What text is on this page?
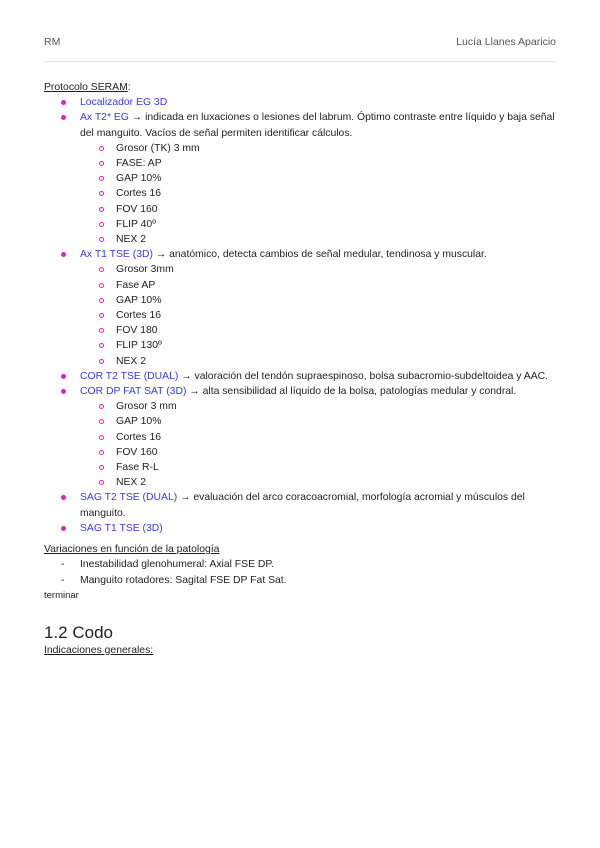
RM	Lucía Llanes Aparicio
Protocolo SERAM:
Localizador EG 3D
Ax T2* EG → indicada en luxaciones o lesiones del labrum. Óptimo contraste entre líquido y baja señal del manguito. Vacíos de señal permiten identificar cálculos.
Grosor (TK) 3 mm
FASE: AP
GAP 10%
Cortes 16
FOV 160
FLIP 40º
NEX 2
Ax T1 TSE (3D) → anatómico, detecta cambios de señal medular, tendinosa y muscular.
Grosor 3mm
Fase AP
GAP 10%
Cortes 16
FOV 180
FLIP 130º
NEX 2
COR T2 TSE (DUAL) → valoración del tendón supraespinoso, bolsa subacromio-subdeltoidea y AAC.
COR DP FAT SAT (3D) → alta sensibilidad al líquido de la bolsa, patologías medular y condral.
Grosor 3 mm
GAP 10%
Cortes 16
FOV 160
Fase R-L
NEX 2
SAG T2 TSE (DUAL) → evaluación del arco coracoacromial, morfología acromial y músculos del manguito.
SAG T1 TSE (3D)
Variaciones en función de la patología
- Inestabilidad glenohumeral: Axial FSE DP.
- Manguito rotadores: Sagital FSE DP Fat Sat.
terminar
1.2 Codo
Indicaciones generales:
